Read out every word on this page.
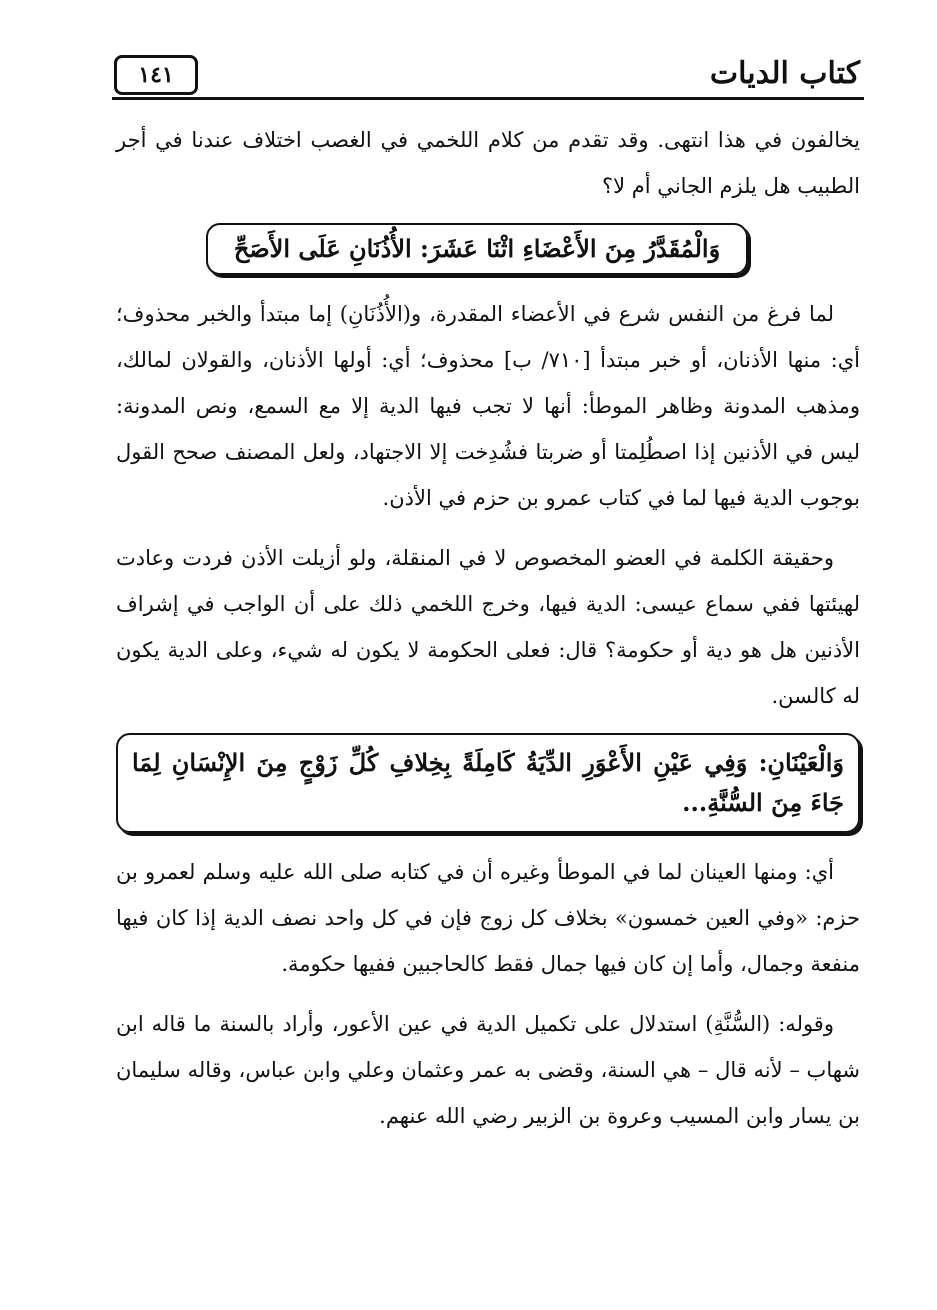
كتاب الديات
١٤١

يخالفون في هذا انتهى. وقد تقدم من كلام اللخمي في الغصب اختلاف عندنا في أجر الطبيب هل يلزم الجاني أم لا؟

وَالْمُقَدَّرُ مِنَ الأَعْضَاءِ اثْنَا عَشَرَ: الأُذُنَانِ عَلَى الأَصَحِّ

لما فرغ من النفس شرع في الأعضاء المقدرة، و(الأُذُنَانِ) إما مبتدأ والخبر محذوف؛ أي: منها الأذنان، أو خبر مبتدأ [٧١٠/ ب] محذوف؛ أي: أولها الأذنان، والقولان لمالك، ومذهب المدونة وظاهر الموطأ: أنها لا تجب فيها الدية إلا مع السمع، ونص المدونة: ليس في الأذنين إذا اصطُلِمتا أو ضربتا فشُدِخت إلا الاجتهاد، ولعل المصنف صحح القول بوجوب الدية فيها لما في كتاب عمرو بن حزم في الأذن.

وحقيقة الكلمة في العضو المخصوص لا في المنقلة، ولو أزيلت الأذن فردت وعادت لهيئتها ففي سماع عيسى: الدية فيها، وخرج اللخمي ذلك على أن الواجب في إشراف الأذنين هل هو دية أو حكومة؟ قال: فعلى الحكومة لا يكون له شيء، وعلى الدية يكون له كالسن.

وَالْعَيْنَانِ: وَفِي عَيْنِ الأَعْوَرِ الدِّيَةُ كَامِلَةً بِخِلافِ كُلِّ زَوْجٍ مِنَ الإِنْسَانِ لِمَا جَاءَ مِنَ السُّنَّةِ...

أي: ومنها العينان لما في الموطأ وغيره أن في كتابه صلى الله عليه وسلم لعمرو بن حزم: «وفي العين خمسون» بخلاف كل زوج فإن في كل واحد نصف الدية إذا كان فيها منفعة وجمال، وأما إن كان فيها جمال فقط كالحاجبين ففيها حكومة.

وقوله: (السُّنَّةِ) استدلال على تكميل الدية في عين الأعور، وأراد بالسنة ما قاله ابن شهاب – لأنه قال – هي السنة، وقضى به عمر وعثمان وعلي وابن عباس، وقاله سليمان بن يسار وابن المسيب وعروة بن الزبير رضي الله عنهم.
